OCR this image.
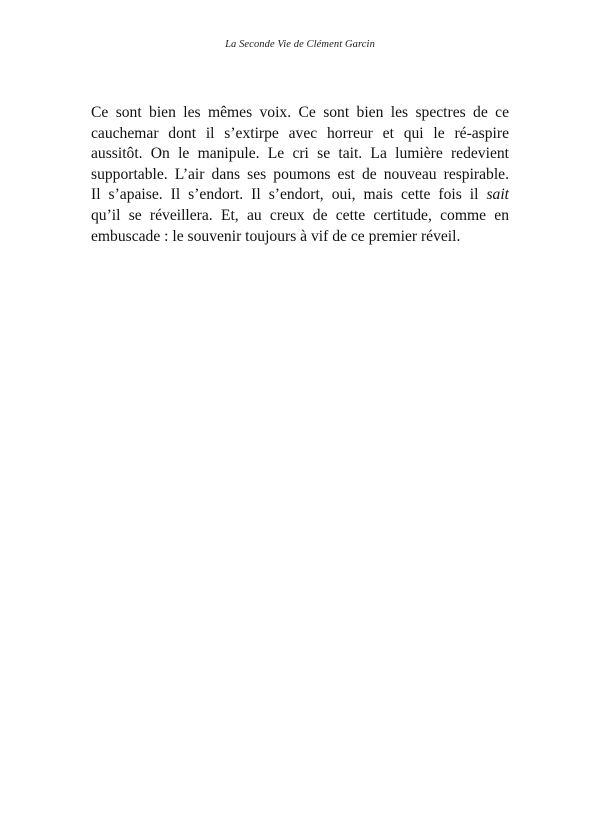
La Seconde Vie de Clément Garcin
Ce sont bien les mêmes voix. Ce sont bien les spectres de ce
cauchemar dont il s’extirpe avec horreur et qui le ré-aspire
aussitôt. On le manipule. Le cri se tait. La lumière redevient
supportable. L’air dans ses poumons est de nouveau respirable.
Il s’apaise. Il s’endort. Il s’endort, oui, mais cette fois il sait
qu’il se réveillera. Et, au creux de cette certitude, comme en
embuscade : le souvenir toujours à vif de ce premier réveil.
